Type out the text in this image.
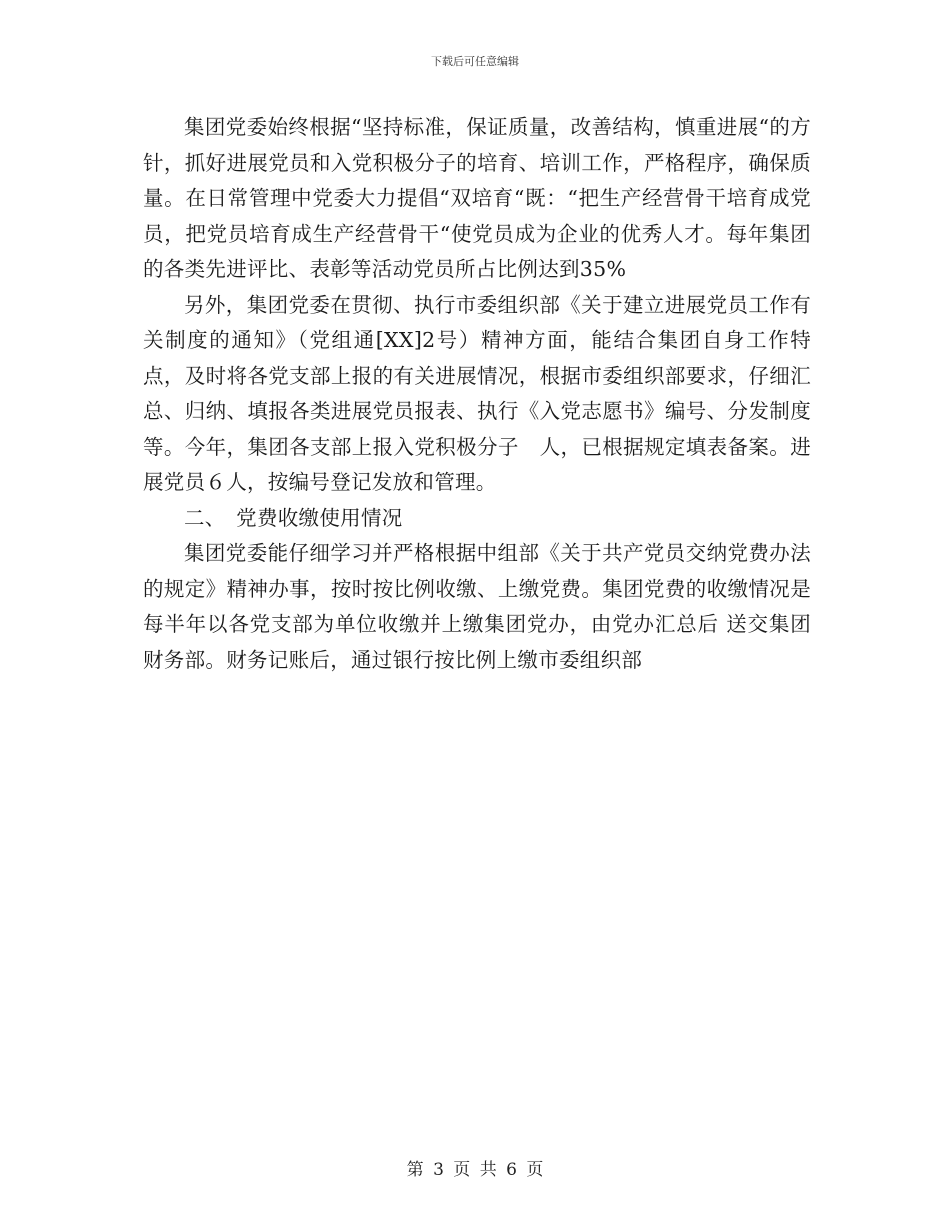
下载后可任意编辑

集团党委始终根据“坚持标准，保证质量，改善结构，慎重进展“的方针，抓好进展党员和入党积极分子的培育、培训工作，严格程序，确保质量。在日常管理中党委大力提倡“双培育“既：“把生产经营骨干培育成党员，把党员培育成生产经营骨干“使党员成为企业的优秀人才。每年集团的各类先进评比、表彰等活动党员所占比例达到35%

另外，集团党委在贯彻、执行市委组织部《关于建立进展党员工作有关制度的通知》（党组通[XX]2号）精神方面，能结合集团自身工作特点，及时将各党支部上报的有关进展情况，根据市委组织部要求，仔细汇总、归纳、填报各类进展党员报表、执行《入党志愿书》编号、分发制度等。今年，集团各支部上报入党积极分子　人，已根据规定填表备案。进展党员６人，按编号登记发放和管理。

二、　党费收缴使用情况

集团党委能仔细学习并严格根据中组部《关于共产党员交纳党费办法的规定》精神办事，按时按比例收缴、上缴党费。集团党费的收缴情况是每半年以各党支部为单位收缴并上缴集团党办，由党办汇总后 送交集团财务部。财务记账后，通过银行按比例上缴市委组织部

第 3 页 共 6 页
